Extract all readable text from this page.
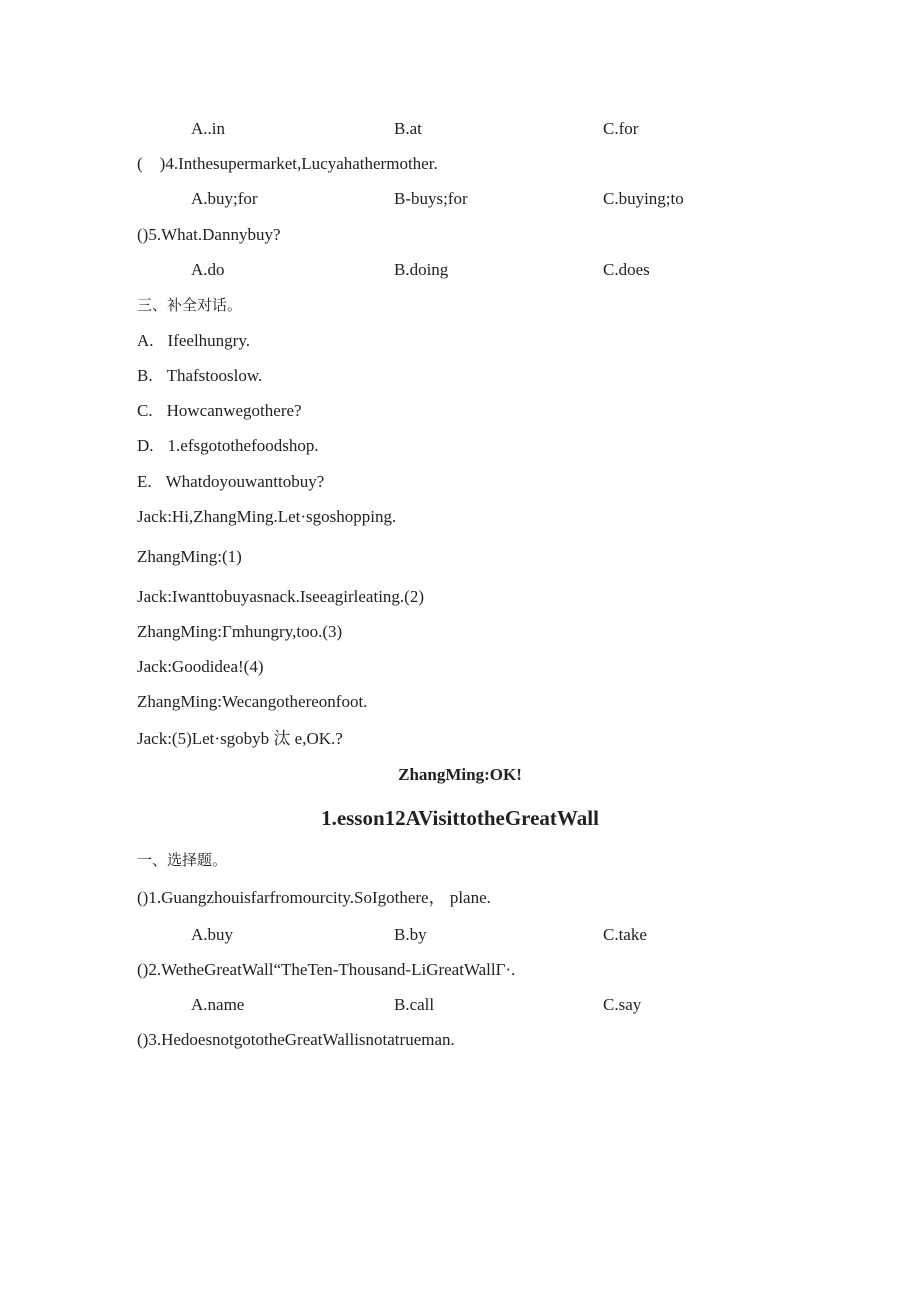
A..in	B.at	C.for
(    )4.Inthesupermarket,Lucyahathermother.
A.buy;for	B-buys;for	C.buying;to
()5.What.Dannybuy?
A.do	B.doing	C.does
三、补全对话。
A. Ifeelhungry.
B. Thafstooslow.
C. Howcanwegothere?
D. 1.efsgotothefoodshop.
E. Whatdoyouwanttobuy?
Jack:Hi,ZhangMing.Let·sgoshopping.
ZhangMing:(1)
Jack:Iwanttobuyasnack.Iseeagirleating.(2)
ZhangMing:Γmhungry,too.(3)
Jack:Goodidea!(4)
ZhangMing:Wecangothereonfoot.
Jack:(5)Let·sgobyb 汰 e,OK.?
ZhangMing:OK!
1.esson12AVisittotheGreatWall
一、选择题。
()1.Guangzhouisfarfromourcity.SoIgothere， plane.
A.buy	B.by	C.take
()2.WetheGreatWall“TheTen-Thousand-LiGreatWallΓ·.
A.name	B.call	C.say
()3.HedoesnotgototheGreatWallisnotatrueman.
